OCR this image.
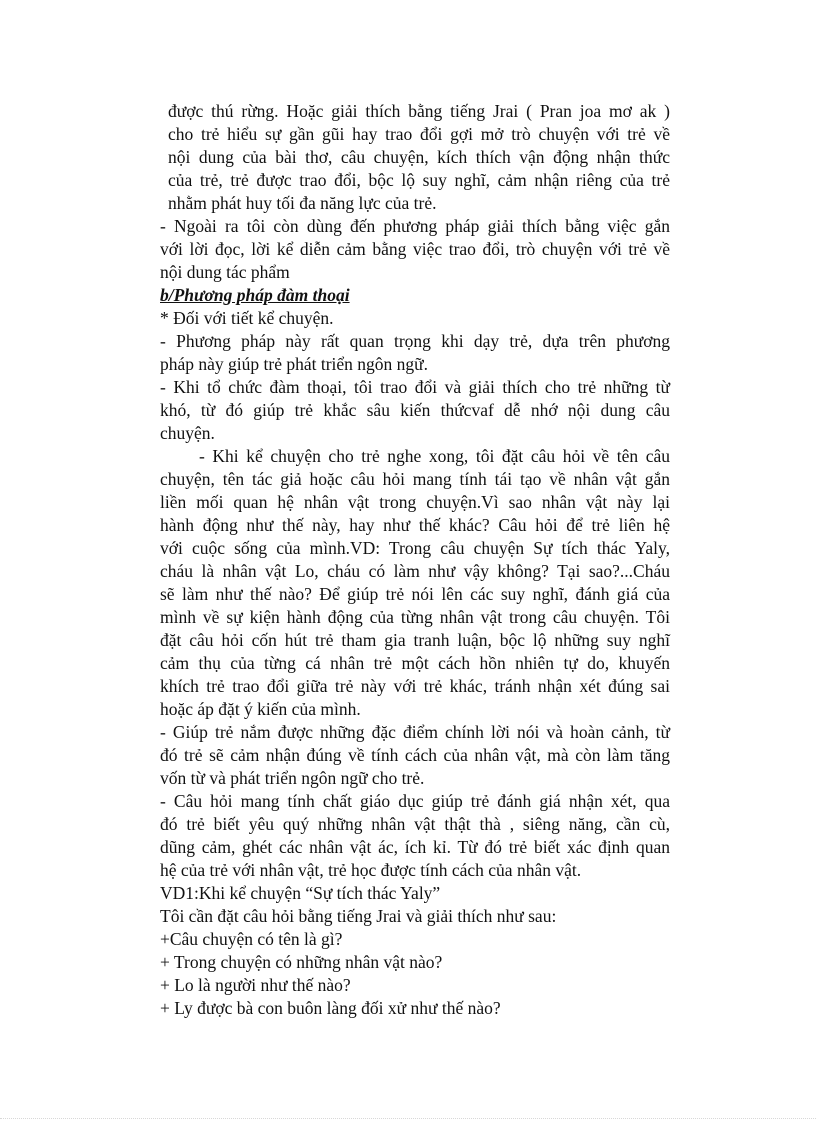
được thú rừng. Hoặc giải thích bằng tiếng Jrai ( Pran joa mơ ak )
cho trẻ hiểu sự gần gũi hay trao đổi gợi mở trò chuyện với trẻ về
nội dung của bài thơ, câu chuyện, kích thích vận động nhận thức
của trẻ, trẻ được trao đổi, bộc lộ suy nghĩ, cảm nhận riêng của trẻ
nhằm phát huy tối đa năng lực của trẻ.
- Ngoài ra tôi còn dùng đến phương pháp giải thích bằng việc gắn
với lời đọc, lời kể diễn cảm bằng việc trao đổi, trò chuyện với trẻ về
nội dung tác phẩm
b/Phương pháp đàm thoại
* Đối với tiết kể chuyện.
- Phương pháp này rất quan trọng khi dạy trẻ, dựa trên phương
pháp này giúp trẻ phát triển ngôn ngữ.
- Khi tổ chức đàm thoại, tôi trao đổi và giải thích cho trẻ những từ
khó, từ đó giúp trẻ khắc sâu kiến thứcvaf dễ nhớ nội dung câu
chuyện.
- Khi kể chuyện cho trẻ nghe xong, tôi đặt câu hỏi về tên câu
chuyện, tên tác giả hoặc câu hỏi mang tính tái tạo về nhân vật gắn
liền mối quan hệ nhân vật trong chuyện.Vì sao nhân vật này lại
hành động như thế này, hay như thế khác? Câu hỏi để trẻ liên hệ
với cuộc sống của mình.VD: Trong câu chuyện Sự tích thác Yaly,
cháu là nhân vật Lo, cháu có làm như vậy không? Tại sao?...Cháu
sẽ làm như thế nào? Để giúp trẻ nói lên các suy nghĩ, đánh giá của
mình về sự kiện hành động của từng nhân vật trong câu chuyện. Tôi
đặt câu hỏi cốn hút trẻ tham gia tranh luận, bộc lộ những suy nghĩ
cảm thụ của từng cá nhân trẻ một cách hồn nhiên tự do, khuyến
khích trẻ trao đổi giữa trẻ này với trẻ khác, tránh nhận xét đúng sai
hoặc áp đặt ý kiến của mình.
- Giúp trẻ nắm được những đặc điểm chính lời nói và hoàn cảnh, từ
đó trẻ sẽ cảm nhận đúng về tính cách của nhân vật, mà còn làm tăng
vốn từ và phát triển ngôn ngữ cho trẻ.
- Câu hỏi mang tính chất giáo dục giúp trẻ đánh giá nhận xét, qua
đó trẻ biết yêu quý những nhân vật thật thà , siêng năng, cần cù,
dũng cảm, ghét các nhân vật ác, ích kỉ. Từ đó trẻ biết xác định quan
hệ của trẻ với nhân vật, trẻ học được tính cách của nhân vật.
VD1:Khi kể chuyện “Sự tích thác Yaly”
Tôi cần đặt câu hỏi bằng tiếng Jrai và giải thích như sau:
+Câu chuyện có tên là gì?
+ Trong chuyện có những nhân vật nào?
+ Lo là người như thế nào?
+ Ly được bà con buôn làng đối xử như thế nào?
